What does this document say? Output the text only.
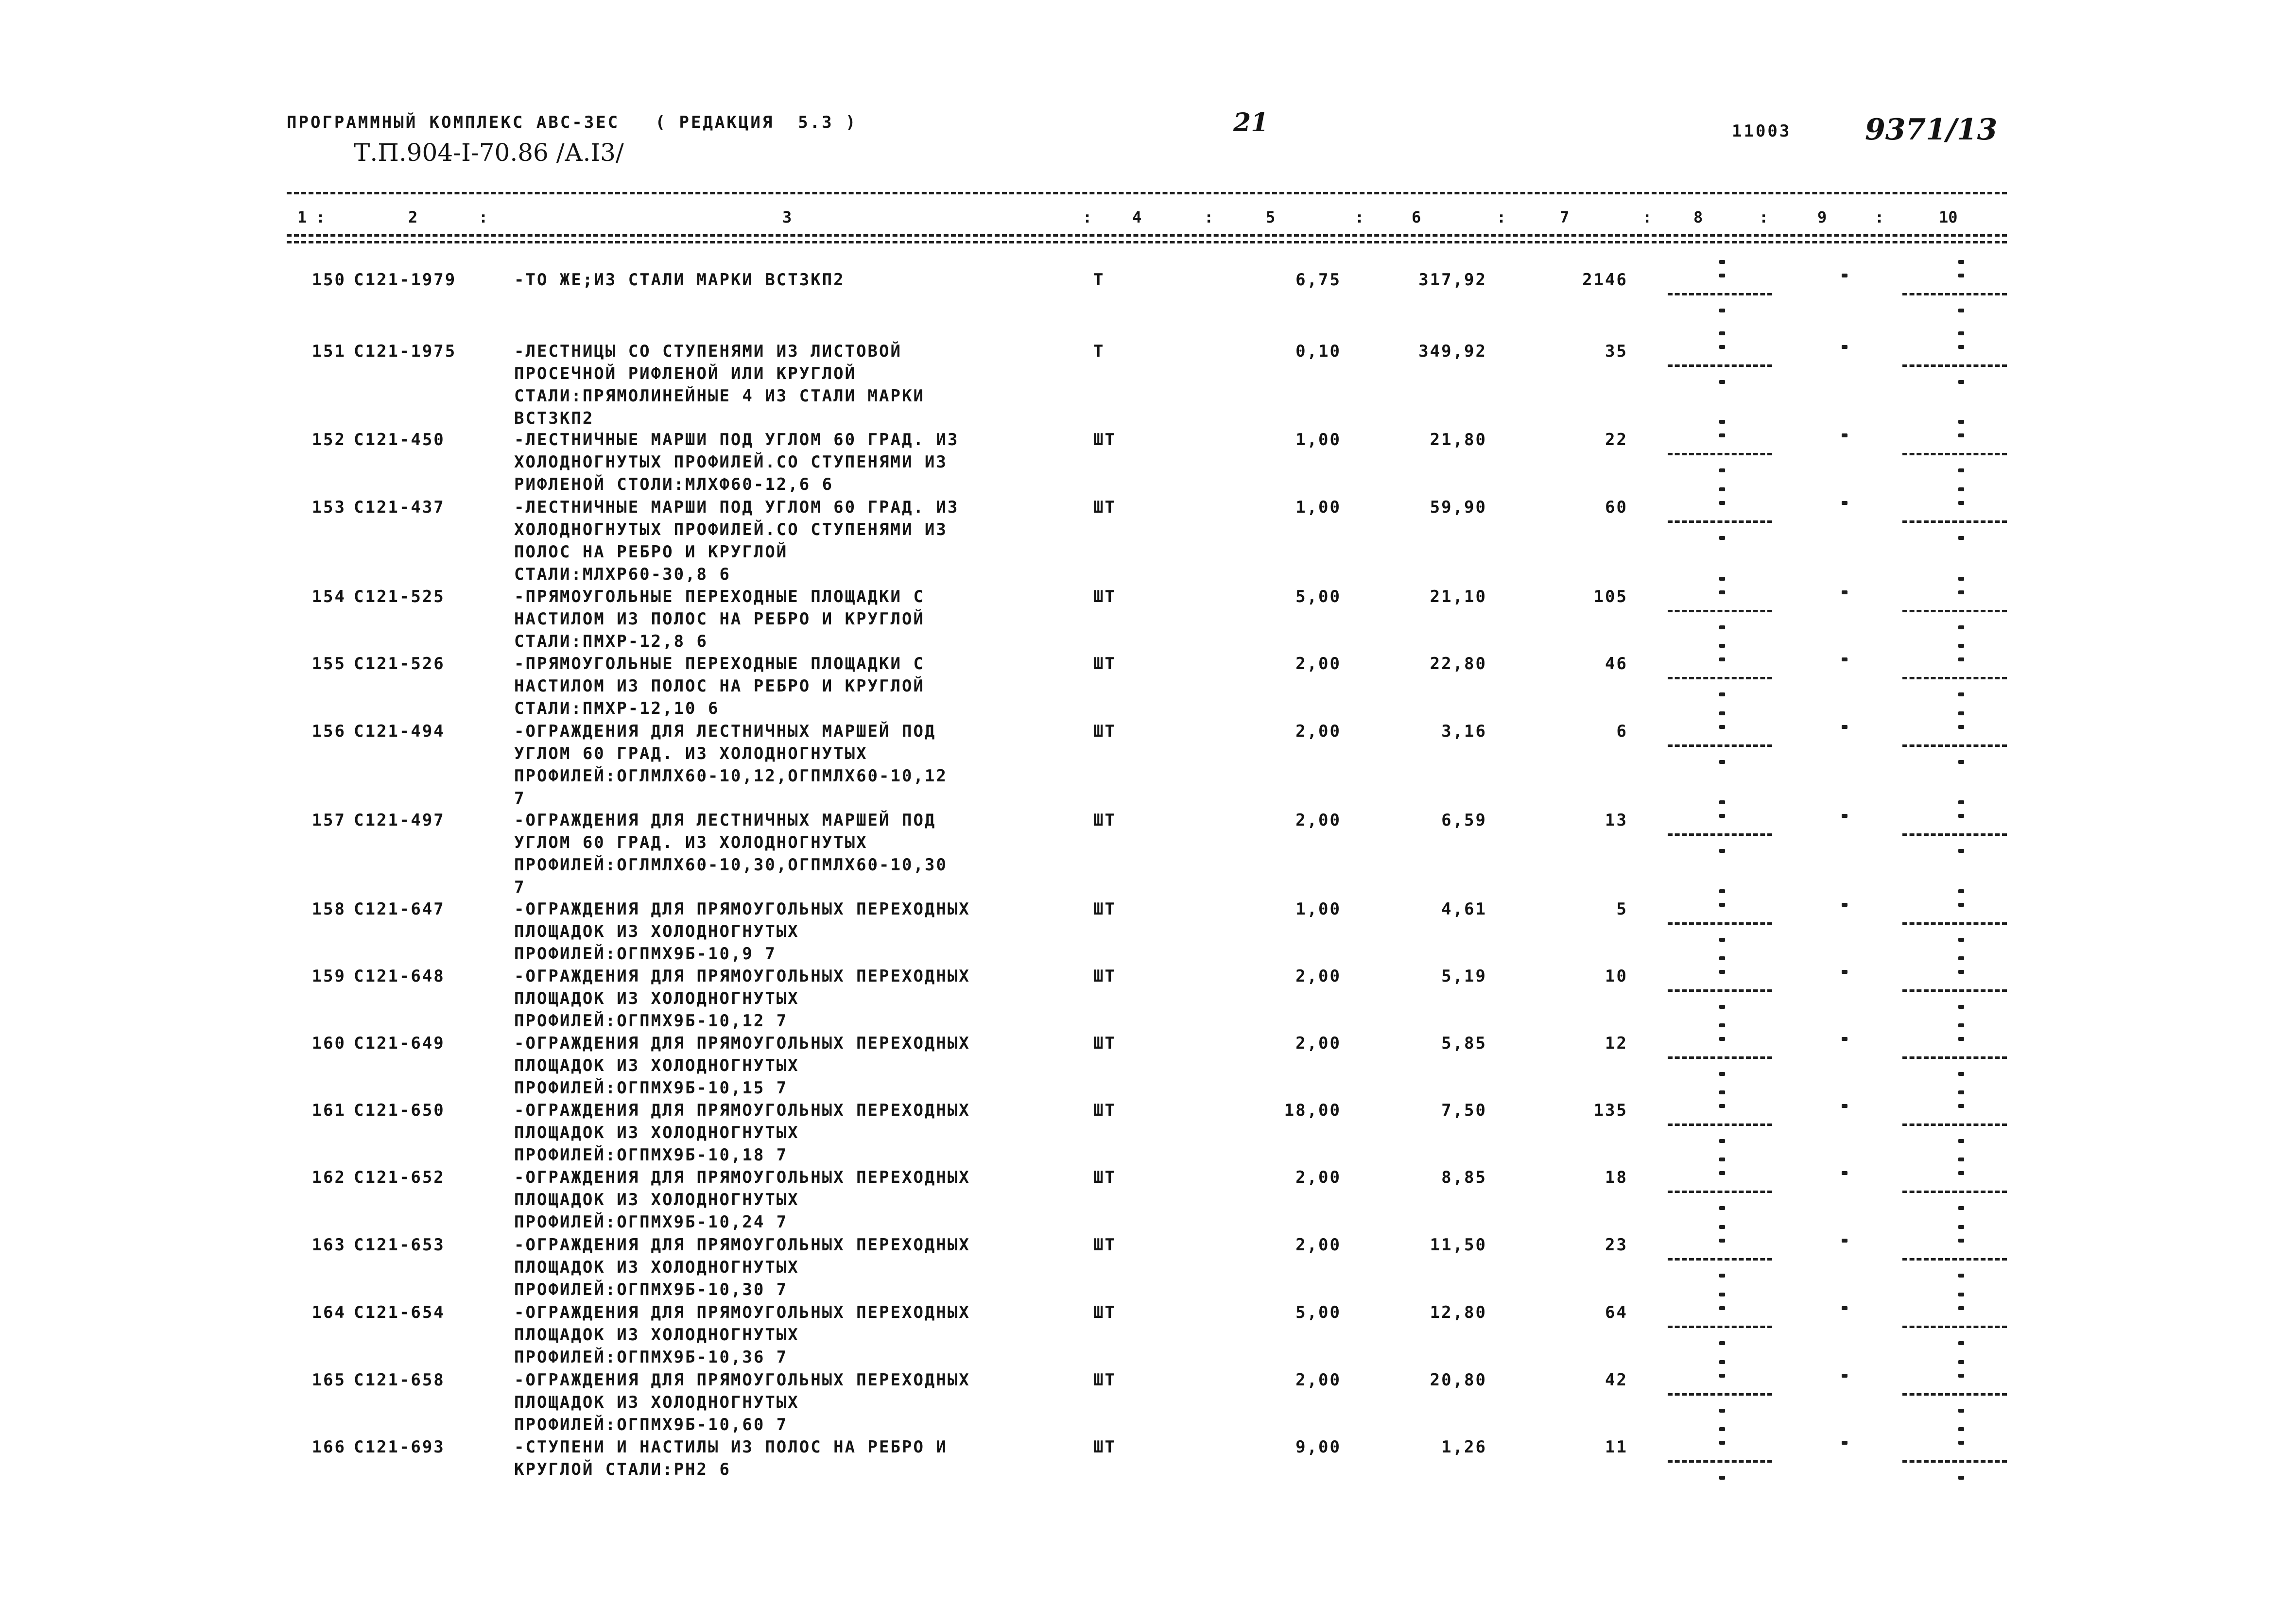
ПРОГРАММНЫЙ КОМПЛЕКС АВС-ЗЕС   ( РЕДАКЦИЯ  5.3 )
Т.П.904-I-70.86 /А.I3/
21	11003	9371/13
1 :	2	:	3	:	4	:	5	:	6	:	7	:	8	:	9	:	10
150 С121-1979	-ТО ЖЕ;ИЗ СТАЛИ МАРКИ ВСТ3КП2	Т	6,75	317,92	2146
151 С121-1975	-ЛЕСТНИЦЫ СО СТУПЕНЯМИ ИЗ ЛИСТОВОЙ
ПРОСЕЧНОЙ РИФЛЕНОЙ ИЛИ КРУГЛОЙ
СТАЛИ:ПРЯМОЛИНЕЙНЫЕ 4 ИЗ СТАЛИ МАРКИ
ВСТ3КП2
Т	0,10	349,92	35
152 С121-450	-ЛЕСТНИЧНЫЕ МАРШИ ПОД УГЛОМ 60 ГРАД. ИЗ
ХОЛОДНОГНУТЫХ ПРОФИЛЕЙ.СО СТУПЕНЯМИ ИЗ
РИФЛЕНОЙ СТОЛИ:МЛХФ60-12,6 6
ШТ	1,00	21,80	22
153 С121-437	-ЛЕСТНИЧНЫЕ МАРШИ ПОД УГЛОМ 60 ГРАД. ИЗ
ХОЛОДНОГНУТЫХ ПРОФИЛЕЙ.СО СТУПЕНЯМИ ИЗ
ПОЛОС НА РЕБРО И КРУГЛОЙ
СТАЛИ:МЛХР60-30,8 6
ШТ	1,00	59,90	60
154 С121-525	-ПРЯМОУГОЛЬНЫЕ ПЕРЕХОДНЫЕ ПЛОЩАДКИ С
НАСТИЛОМ ИЗ ПОЛОС НА РЕБРО И КРУГЛОЙ
СТАЛИ:ПМХР-12,8 6
ШТ	5,00	21,10	105
155 С121-526	-ПРЯМОУГОЛЬНЫЕ ПЕРЕХОДНЫЕ ПЛОЩАДКИ С
НАСТИЛОМ ИЗ ПОЛОС НА РЕБРО И КРУГЛОЙ
СТАЛИ:ПМХР-12,10 6
ШТ	2,00	22,80	46
156 С121-494	-ОГРАЖДЕНИЯ ДЛЯ ЛЕСТНИЧНЫХ МАРШЕЙ ПОД
УГЛОМ 60 ГРАД. ИЗ ХОЛОДНОГНУТЫХ
ПРОФИЛЕЙ:ОГЛМЛХ60-10,12,ОГПМЛХ60-10,12
7
ШТ	2,00	3,16	6
157 С121-497	-ОГРАЖДЕНИЯ ДЛЯ ЛЕСТНИЧНЫХ МАРШЕЙ ПОД
УГЛОМ 60 ГРАД. ИЗ ХОЛОДНОГНУТЫХ
ПРОФИЛЕЙ:ОГЛМЛХ60-10,30,ОГПМЛХ60-10,30
7
ШТ	2,00	6,59	13
158 С121-647	-ОГРАЖДЕНИЯ ДЛЯ ПРЯМОУГОЛЬНЫХ ПЕРЕХОДНЫХ
ПЛОЩАДОК ИЗ ХОЛОДНОГНУТЫХ
ПРОФИЛЕЙ:ОГПМХ9Б-10,9 7
ШТ	1,00	4,61	5
159 С121-648	-ОГРАЖДЕНИЯ ДЛЯ ПРЯМОУГОЛЬНЫХ ПЕРЕХОДНЫХ
ПЛОЩАДОК ИЗ ХОЛОДНОГНУТЫХ
ПРОФИЛЕЙ:ОГПМХ9Б-10,12 7
ШТ	2,00	5,19	10
160 С121-649	-ОГРАЖДЕНИЯ ДЛЯ ПРЯМОУГОЛЬНЫХ ПЕРЕХОДНЫХ
ПЛОЩАДОК ИЗ ХОЛОДНОГНУТЫХ
ПРОФИЛЕЙ:ОГПМХ9Б-10,15 7
ШТ	2,00	5,85	12
161 С121-650	-ОГРАЖДЕНИЯ ДЛЯ ПРЯМОУГОЛЬНЫХ ПЕРЕХОДНЫХ
ПЛОЩАДОК ИЗ ХОЛОДНОГНУТЫХ
ПРОФИЛЕЙ:ОГПМХ9Б-10,18 7
ШТ	18,00	7,50	135
162 С121-652	-ОГРАЖДЕНИЯ ДЛЯ ПРЯМОУГОЛЬНЫХ ПЕРЕХОДНЫХ
ПЛОЩАДОК ИЗ ХОЛОДНОГНУТЫХ
ПРОФИЛЕЙ:ОГПМХ9Б-10,24 7
ШТ	2,00	8,85	18
163 С121-653	-ОГРАЖДЕНИЯ ДЛЯ ПРЯМОУГОЛЬНЫХ ПЕРЕХОДНЫХ
ПЛОЩАДОК ИЗ ХОЛОДНОГНУТЫХ
ПРОФИЛЕЙ:ОГПМХ9Б-10,30 7
ШТ	2,00	11,50	23
164 С121-654	-ОГРАЖДЕНИЯ ДЛЯ ПРЯМОУГОЛЬНЫХ ПЕРЕХОДНЫХ
ПЛОЩАДОК ИЗ ХОЛОДНОГНУТЫХ
ПРОФИЛЕЙ:ОГПМХ9Б-10,36 7
ШТ	5,00	12,80	64
165 С121-658	-ОГРАЖДЕНИЯ ДЛЯ ПРЯМОУГОЛЬНЫХ ПЕРЕХОДНЫХ
ПЛОЩАДОК ИЗ ХОЛОДНОГНУТЫХ
ПРОФИЛЕЙ:ОГПМХ9Б-10,60 7
ШТ	2,00	20,80	42
166 С121-693	-СТУПЕНИ И НАСТИЛЫ ИЗ ПОЛОС НА РЕБРО И
КРУГЛОЙ СТАЛИ:РН2 6
ШТ	9,00	1,26	11
